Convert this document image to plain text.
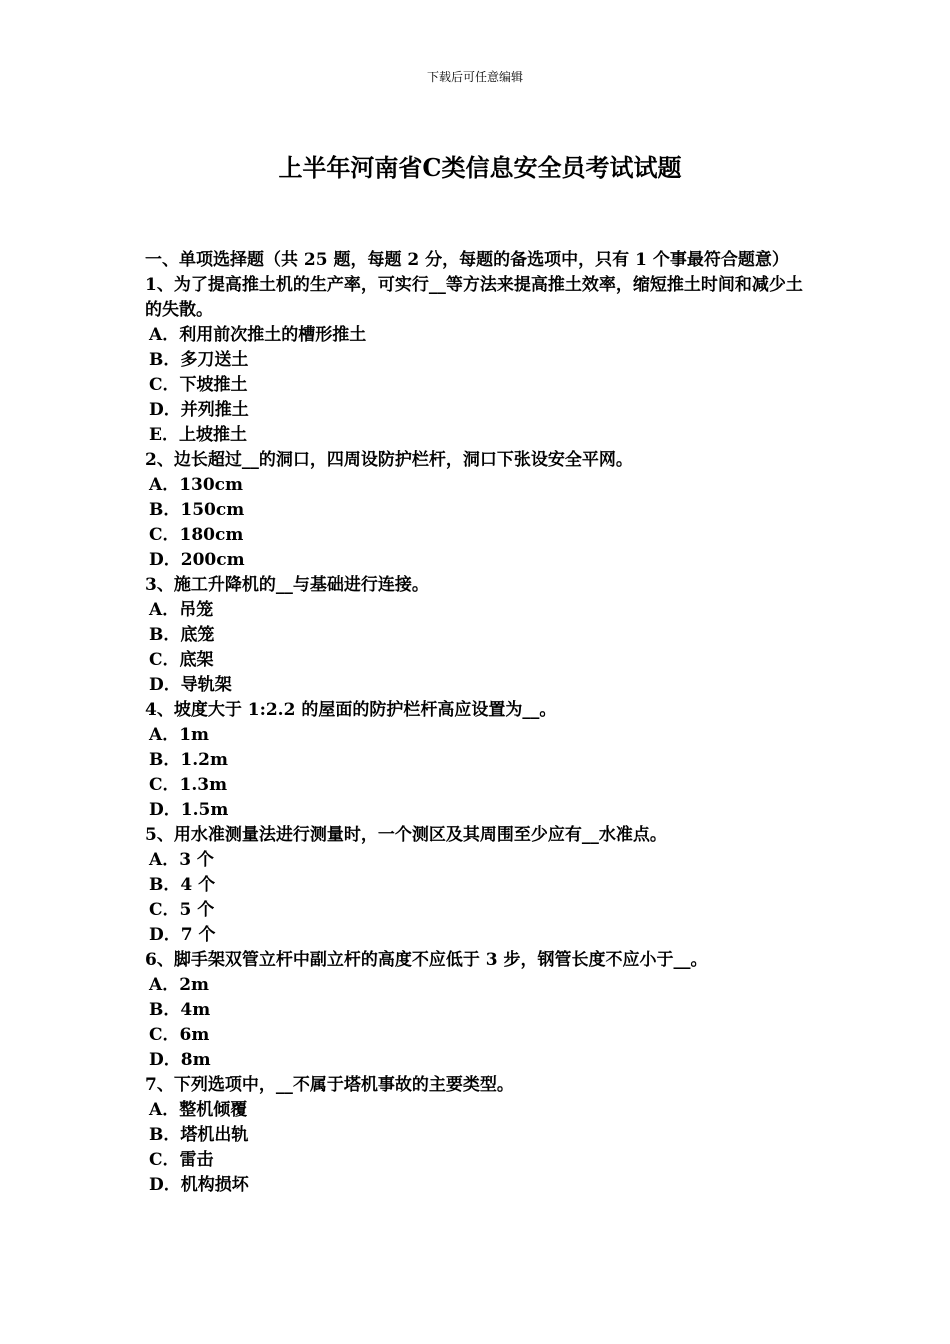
下载后可任意编辑
上半年河南省C类信息安全员考试试题

一、单项选择题（共 25 题，每题 2 分，每题的备选项中，只有 1 个事最符合题意）

1、为了提高推土机的生产率，可实行__等方法来提高推土效率，缩短推土时间和减少土的失散。

A．利用前次推土的槽形推土
B．多刀送土
C．下坡推土
D．并列推土
E．上坡推土

2、边长超过__的洞口，四周设防护栏杆，洞口下张设安全平网。

A．130cm
B．150cm
C．180cm
D．200cm

3、施工升降机的__与基础进行连接。

A．吊笼
B．底笼
C．底架
D．导轨架

4、坡度大于 1:2.2 的屋面的防护栏杆高应设置为__。

A．1m
B．1.2m
C．1.3m
D．1.5m

5、用水准测量法进行测量时，一个测区及其周围至少应有__水准点。

A．3 个
B．4 个
C．5 个
D．7 个

6、脚手架双管立杆中副立杆的高度不应低于 3 步，钢管长度不应小于__。

A．2m
B．4m
C．6m
D．8m

7、下列选项中，__不属于塔机事故的主要类型。

A．整机倾覆
B．塔机出轨
C．雷击
D．机构损坏
